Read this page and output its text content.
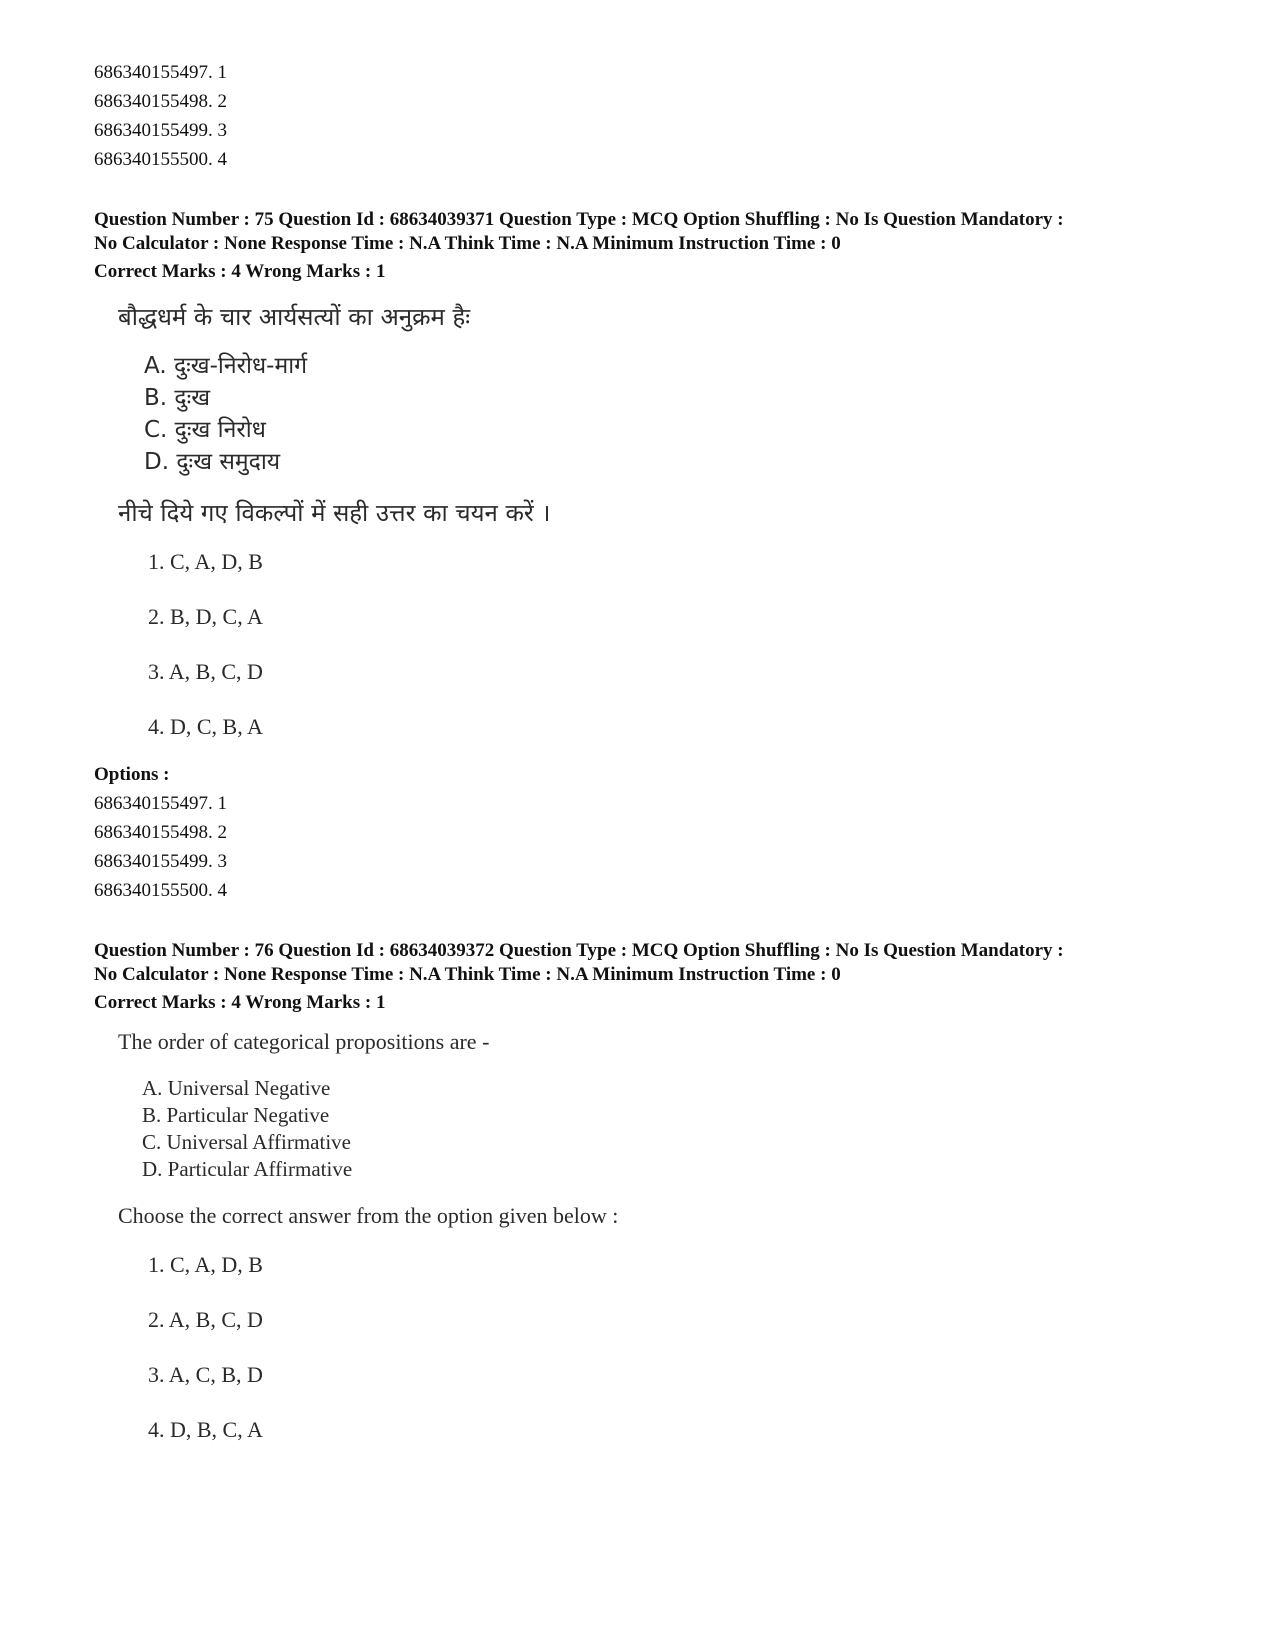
686340155497. 1
686340155498. 2
686340155499. 3
686340155500. 4
Question Number : 75 Question Id : 68634039371 Question Type : MCQ Option Shuffling : No Is Question Mandatory :
No Calculator : None Response Time : N.A Think Time : N.A Minimum Instruction Time : 0
Correct Marks : 4 Wrong Marks : 1
बौद्धधर्म के चार आर्यसत्यों का अनुक्रम हैः
A. दुःख-निरोध-मार्ग
B. दुःख
C. दुःख निरोध
D. दुःख समुदाय
नीचे दिये गए विकल्पों में सही उत्तर का चयन करें ।
1. C, A, D, B
2. B, D, C, A
3. A, B, C, D
4. D, C, B, A
Options :
686340155497. 1
686340155498. 2
686340155499. 3
686340155500. 4
Question Number : 76 Question Id : 68634039372 Question Type : MCQ Option Shuffling : No Is Question Mandatory :
No Calculator : None Response Time : N.A Think Time : N.A Minimum Instruction Time : 0
Correct Marks : 4 Wrong Marks : 1
The order of categorical propositions are -
A. Universal Negative
B. Particular Negative
C. Universal Affirmative
D. Particular Affirmative
Choose the correct answer from the option given below :
1. C, A, D, B
2. A, B, C, D
3. A, C, B, D
4. D, B, C, A
